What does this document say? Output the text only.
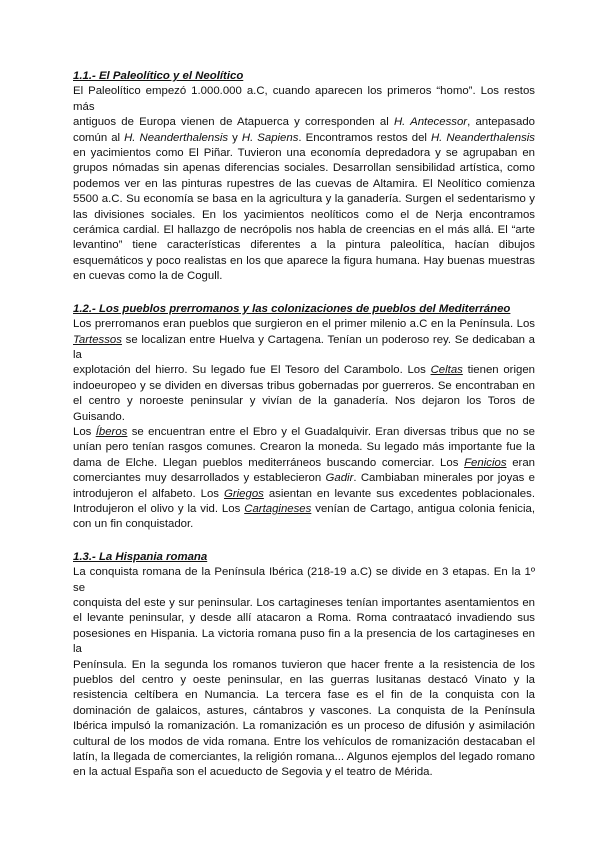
1.1.- El Paleolítico y el Neolítico
El Paleolítico empezó 1.000.000 a.C, cuando aparecen los primeros “homo”. Los restos más
antiguos de Europa vienen de Atapuerca y corresponden al H. Antecessor, antepasado
común al H. Neanderthalensis y H. Sapiens. Encontramos restos del H. Neanderthalensis
en yacimientos como El Piñar. Tuvieron una economía depredadora y se agrupaban en
grupos nómadas sin apenas diferencias sociales. Desarrollan sensibilidad artística, como
podemos ver en las pinturas rupestres de las cuevas de Altamira. El Neolítico comienza
5500 a.C. Su economía se basa en la agricultura y la ganadería. Surgen el sedentarismo y
las divisiones sociales. En los yacimientos neolíticos como el de Nerja encontramos
cerámica cardial. El hallazgo de necrópolis nos habla de creencias en el más allá. El “arte
levantino” tiene características diferentes a la pintura paleolítica, hacían dibujos
esquemáticos y poco realistas en los que aparece la figura humana. Hay buenas muestras
en cuevas como la de Cogull.
1.2.- Los pueblos prerromanos y las colonizaciones de pueblos del Mediterráneo
Los prerromanos eran pueblos que surgieron en el primer milenio a.C en la Península. Los
Tartessos se localizan entre Huelva y Cartagena. Tenían un poderoso rey. Se dedicaban a la
explotación del hierro. Su legado fue El Tesoro del Carambolo. Los Celtas tienen origen
indoeuropeo y se dividen en diversas tribus gobernadas por guerreros. Se encontraban en
el centro y noroeste peninsular y vivían de la ganadería. Nos dejaron los Toros de Guisando.
Los Íberos se encuentran entre el Ebro y el Guadalquivir. Eran diversas tribus que no se
unían pero tenían rasgos comunes. Crearon la moneda. Su legado más importante fue la
dama de Elche. Llegan pueblos mediterráneos buscando comerciar. Los Fenicios eran
comerciantes muy desarrollados y establecieron Gadir. Cambiaban minerales por joyas e
introdujeron el alfabeto. Los Griegos asientan en levante sus excedentes poblacionales.
Introdujeron el olivo y la vid. Los Cartagineses venían de Cartago, antigua colonia fenicia,
con un fin conquistador.
1.3.- La Hispania romana
La conquista romana de la Península Ibérica (218-19 a.C) se divide en 3 etapas. En la 1º se
conquista del este y sur peninsular. Los cartagineses tenían importantes asentamientos en
el levante peninsular, y desde allí atacaron a Roma. Roma contraatacó invadiendo sus
posesiones en Hispania. La victoria romana puso fin a la presencia de los cartagineses en la
Península. En la segunda los romanos tuvieron que hacer frente a la resistencia de los
pueblos del centro y oeste peninsular, en las guerras lusitanas destacó Vinato y la
resistencia celtíbera en Numancia. La tercera fase es el fin de la conquista con la
dominación de galaicos, astures, cántabros y vascones. La conquista de la Península
Ibérica impulsó la romanización. La romanización es un proceso de difusión y asimilación
cultural de los modos de vida romana. Entre los vehículos de romanización destacaban el
latín, la llegada de comerciantes, la religión romana... Algunos ejemplos del legado romano
en la actual España son el acueducto de Segovia y el teatro de Mérida.
